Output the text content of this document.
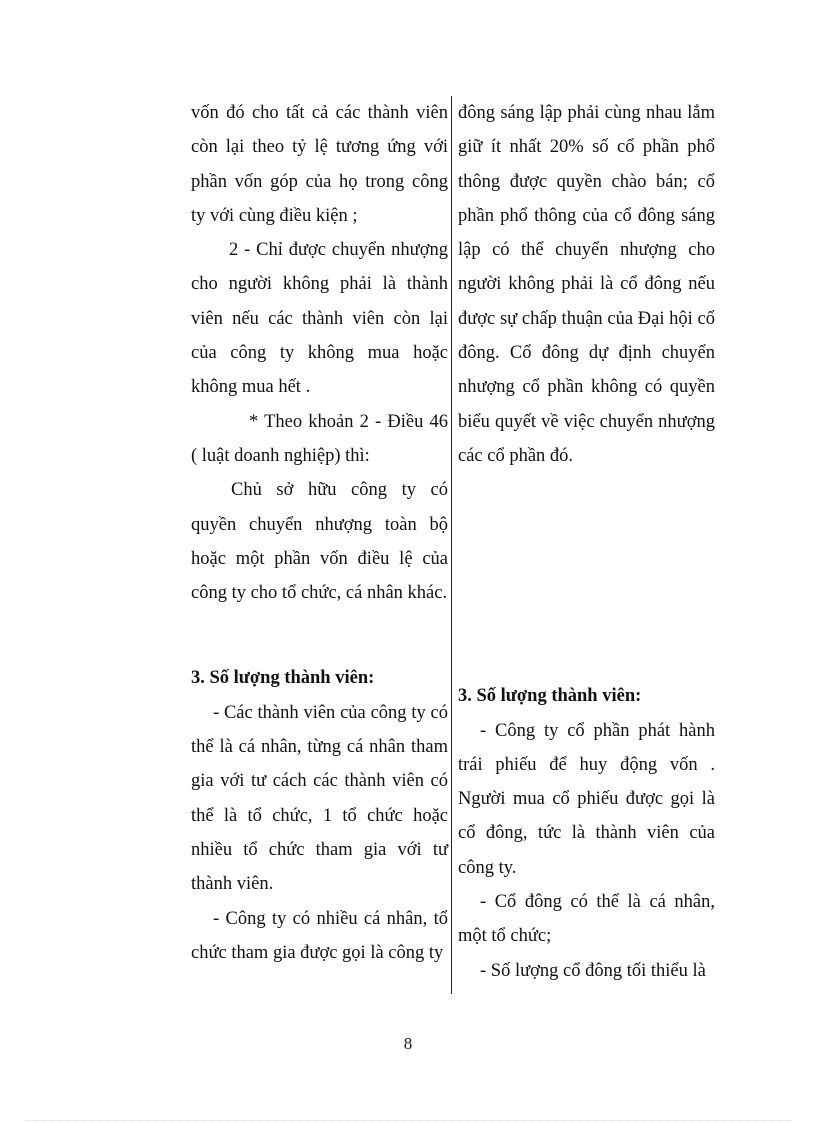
vốn đó cho tất cả các thành viên còn lại theo tỷ lệ tương ứng với phần vốn góp của họ trong công ty với cùng điều kiện ;

2 - Chỉ được chuyển nhượng cho người không phải là thành viên nếu các thành viên còn lại của công ty không mua hoặc không mua hết .

* Theo khoản 2 - Điều 46 ( luật doanh nghiệp) thì:

Chủ sở hữu công ty có quyền chuyển nhượng toàn bộ hoặc một phần vốn điều lệ của công ty cho tổ chức, cá nhân khác.

3. Số lượng thành viên:

- Các thành viên của công ty có thể là cá nhân, từng cá nhân tham gia với tư cách các thành viên có thể là tổ chức, 1 tổ chức hoặc nhiều tổ chức tham gia với tư thành viên.

- Công ty có nhiều cá nhân, tổ chức tham gia được gọi là công ty

đông sáng lập phải cùng nhau lắm giữ ít nhất 20% số cổ phần phổ thông được quyền chào bán; cổ phần phổ thông của cổ đông sáng lập có thể chuyển nhượng cho người không phải là cổ đông nếu được sự chấp thuận của Đại hội cổ đông. Cổ đông dự định chuyển nhượng cổ phần không có quyền biểu quyết về việc chuyển nhượng các cổ phần đó.

3. Số lượng thành viên:

- Công ty cổ phần phát hành trái phiếu để huy động vốn . Người mua cổ phiếu được gọi là cổ đông, tức là thành viên của công ty.

- Cổ đông có thể là cá nhân, một tổ chức;

- Số lượng cổ đông tối thiểu là

8
